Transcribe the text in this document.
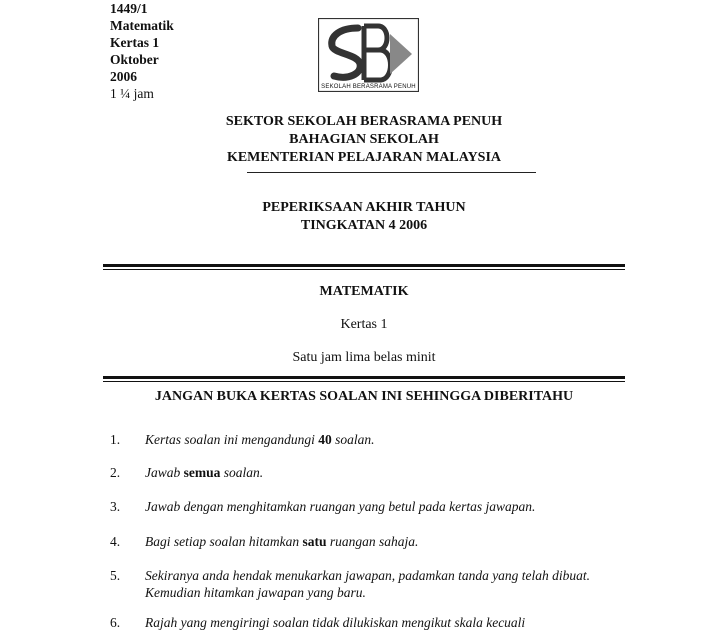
1449/1
Matematik
Kertas 1
Oktober
2006
1 ¼ jam	SEKOLAH BERASRAMA PENUH
SEKTOR SEKOLAH BERASRAMA PENUH
BAHAGIAN SEKOLAH
KEMENTERIAN PELAJARAN MALAYSIA
PEPERIKSAAN AKHIR TAHUN
TINGKATAN 4 2006
MATEMATIK
Kertas 1
Satu jam lima belas minit
JANGAN BUKA KERTAS SOALAN INI SEHINGGA DIBERITAHU
1. Kertas soalan ini mengandungi 40 soalan.
2. Jawab semua soalan.
3. Jawab dengan menghitamkan ruangan yang betul pada kertas jawapan.
4. Bagi setiap soalan hitamkan satu ruangan sahaja.
5. Sekiranya anda hendak menukarkan jawapan, padamkan tanda yang telah dibuat. Kemudian hitamkan jawapan yang baru.
6. Rajah yang mengiringi soalan tidak dilukiskan mengikut skala kecuali
